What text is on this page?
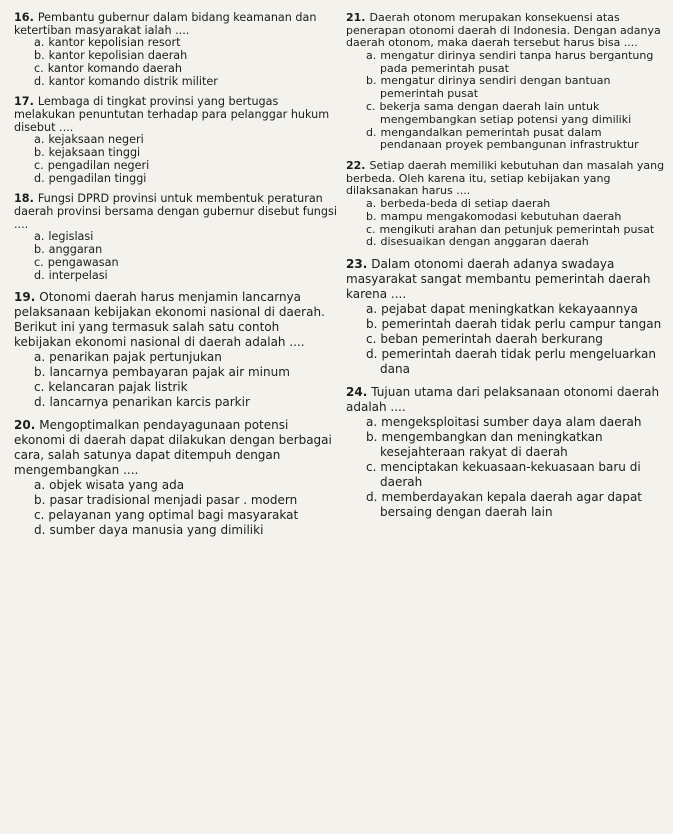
16. Pembantu gubernur dalam bidang keamanan dan ketertiban masyarakat ialah ....
a. kantor kepolisian resort
b. kantor kepolisian daerah
c. kantor komando daerah
d. kantor komando distrik militer
17. Lembaga di tingkat provinsi yang bertugas melakukan penuntutan terhadap para pelanggar hukum disebut ....
a. kejaksaan negeri
b. kejaksaan tinggi
c. pengadilan negeri
d. pengadilan tinggi
18. Fungsi DPRD provinsi untuk membentuk peraturan daerah provinsi bersama dengan gubernur disebut fungsi ....
a. legislasi
b. anggaran
c. pengawasan
d. interpelasi
19. Otonomi daerah harus menjamin lancarnya pelaksanaan kebijakan ekonomi nasional di daerah. Berikut ini yang termasuk salah satu contoh kebijakan ekonomi nasional di daerah adalah ....
a. penarikan pajak pertunjukan
b. lancarnya pembayaran pajak air minum
c. kelancaran pajak listrik
d. lancarnya penarikan karcis parkir
20. Mengoptimalkan pendayagunaan potensi ekonomi di daerah dapat dilakukan dengan berbagai cara, salah satunya dapat ditempuh dengan mengembangkan ....
a. objek wisata yang ada
b. pasar tradisional menjadi pasar . modern
c. pelayanan yang optimal bagi masyarakat
d. sumber daya manusia yang dimiliki
21. Daerah otonom merupakan konsekuensi atas penerapan otonomi daerah di Indonesia. Dengan adanya daerah otonom, maka daerah tersebut harus bisa ....
a. mengatur dirinya sendiri tanpa harus bergantung pada pemerintah pusat
b. mengatur dirinya sendiri dengan bantuan pemerintah pusat
c. bekerja sama dengan daerah lain untuk mengembangkan setiap potensi yang dimiliki
d. mengandalkan pemerintah pusat dalam pendanaan proyek pembangunan infrastruktur
22. Setiap daerah memiliki kebutuhan dan masalah yang berbeda. Oleh karena itu, setiap kebijakan yang dilaksanakan harus ....
a. berbeda-beda di setiap daerah
b. mampu mengakomodasi kebutuhan daerah
c. mengikuti arahan dan petunjuk pemerintah pusat
d. disesuaikan dengan anggaran daerah
23. Dalam otonomi daerah adanya swadaya masyarakat sangat membantu pemerintah daerah karena ....
a. pejabat dapat meningkatkan kekayaannya
b. pemerintah daerah tidak perlu campur tangan
c. beban pemerintah daerah berkurang
d. pemerintah daerah tidak perlu mengeluarkan dana
24. Tujuan utama dari pelaksanaan otonomi daerah adalah ....
a. mengeksploitasi sumber daya alam daerah
b. mengembangkan dan meningkatkan kesejahteraan rakyat di daerah
c. menciptakan kekuasaan-kekuasaan baru di daerah
d. memberdayakan kepala daerah agar dapat bersaing dengan daerah lain
